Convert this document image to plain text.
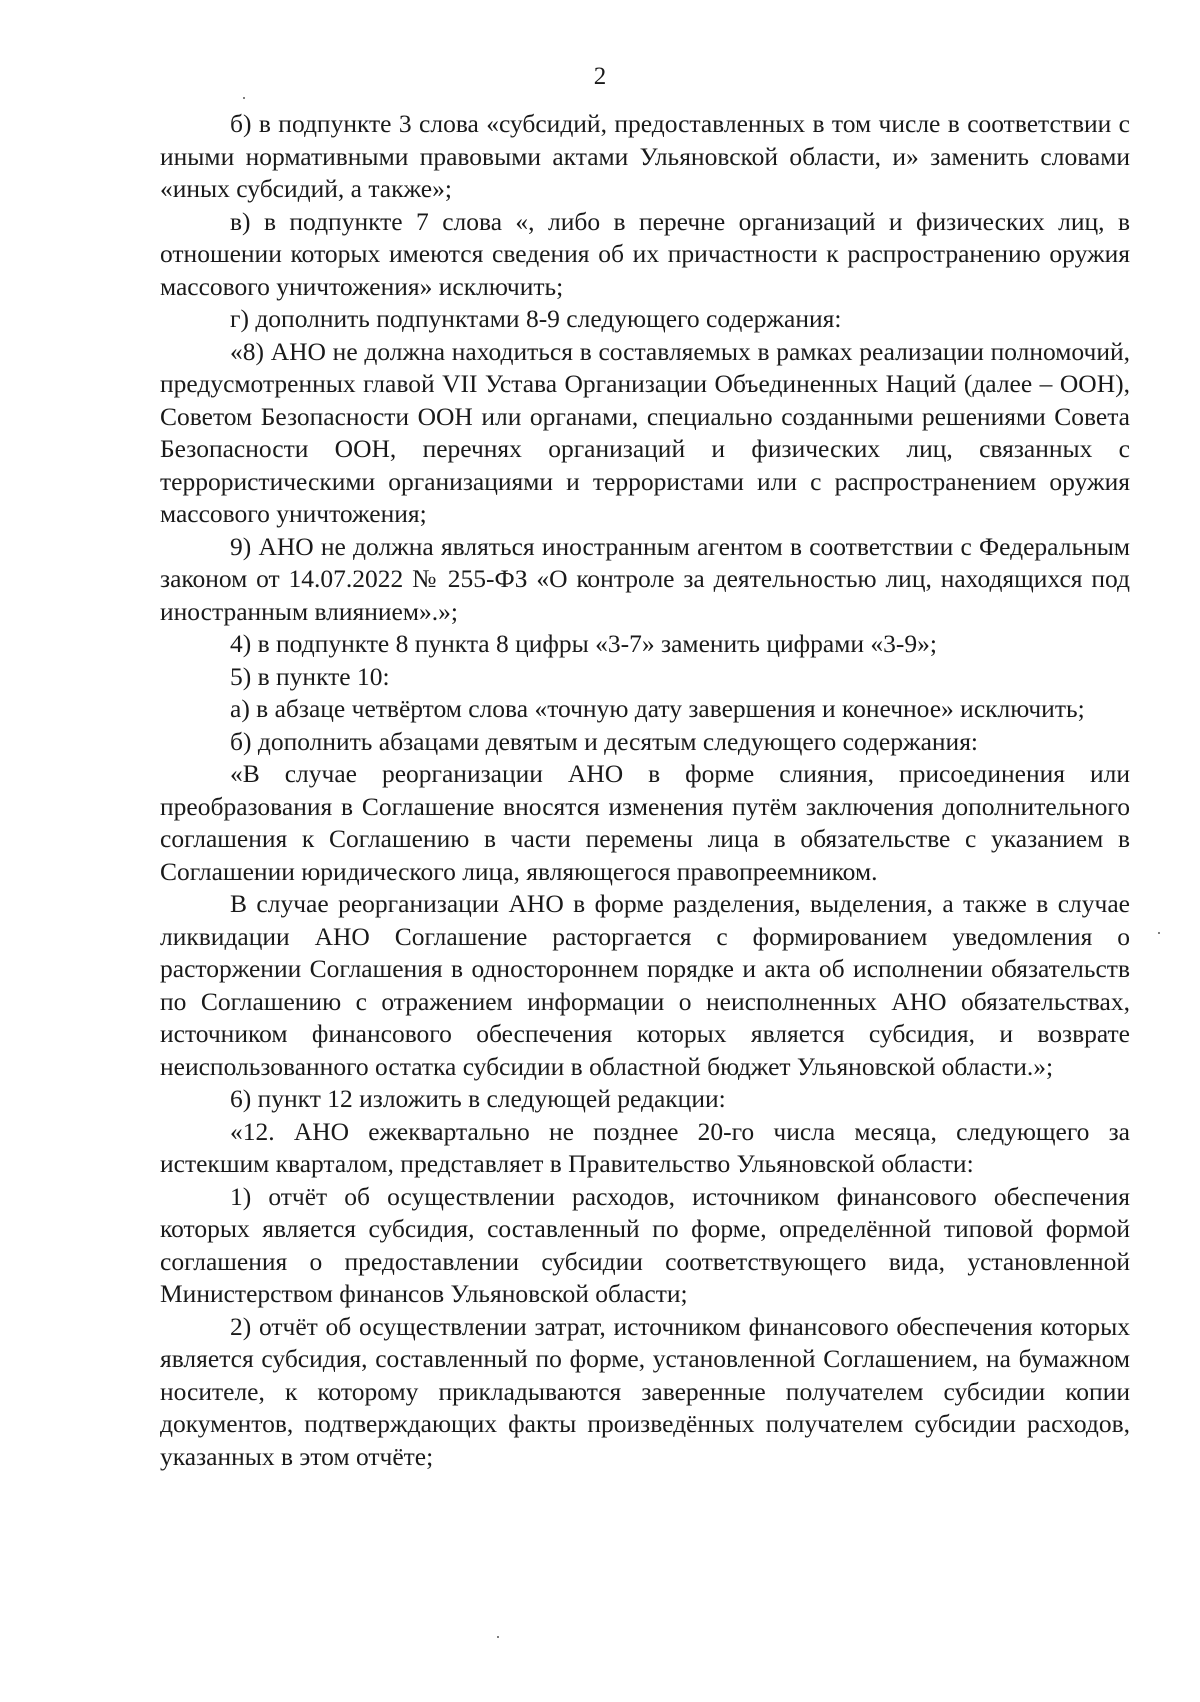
2

б) в подпункте 3 слова «субсидий, предоставленных в том числе в соответствии с иными нормативными правовыми актами Ульяновской области, и» заменить словами «иных субсидий, а также»;

в) в подпункте 7 слова «, либо в перечне организаций и физических лиц, в отношении которых имеются сведения об их причастности к распространению оружия массового уничтожения» исключить;

г) дополнить подпунктами 8-9 следующего содержания:

«8) АНО не должна находиться в составляемых в рамках реализации полномочий, предусмотренных главой VII Устава Организации Объединенных Наций (далее – ООН), Советом Безопасности ООН или органами, специально созданными решениями Совета Безопасности ООН, перечнях организаций и физических лиц, связанных с террористическими организациями и террористами или с распространением оружия массового уничтожения;

9) АНО не должна являться иностранным агентом в соответствии с Федеральным законом от 14.07.2022 № 255-ФЗ «О контроле за деятельностью лиц, находящихся под иностранным влиянием».»;

4) в подпункте 8 пункта 8 цифры «3-7» заменить цифрами «3-9»;

5) в пункте 10:

а) в абзаце четвёртом слова «точную дату завершения и конечное» исключить;

б) дополнить абзацами девятым и десятым следующего содержания:

«В случае реорганизации АНО в форме слияния, присоединения или преобразования в Соглашение вносятся изменения путём заключения дополнительного соглашения к Соглашению в части перемены лица в обязательстве с указанием в Соглашении юридического лица, являющегося правопреемником.

В случае реорганизации АНО в форме разделения, выделения, а также в случае ликвидации АНО Соглашение расторгается с формированием уведомления о расторжении Соглашения в одностороннем порядке и акта об исполнении обязательств по Соглашению с отражением информации о неисполненных АНО обязательствах, источником финансового обеспечения которых является субсидия, и возврате неиспользованного остатка субсидии в областной бюджет Ульяновской области.»;

6) пункт 12 изложить в следующей редакции:

«12. АНО ежеквартально не позднее 20-го числа месяца, следующего за истекшим кварталом, представляет в Правительство Ульяновской области:

1) отчёт об осуществлении расходов, источником финансового обеспечения которых является субсидия, составленный по форме, определённой типовой формой соглашения о предоставлении субсидии соответствующего вида, установленной Министерством финансов Ульяновской области;

2) отчёт об осуществлении затрат, источником финансового обеспечения которых является субсидия, составленный по форме, установленной Соглашением, на бумажном носителе, к которому прикладываются заверенные получателем субсидии копии документов, подтверждающих факты произведённых получателем субсидии расходов, указанных в этом отчёте;
